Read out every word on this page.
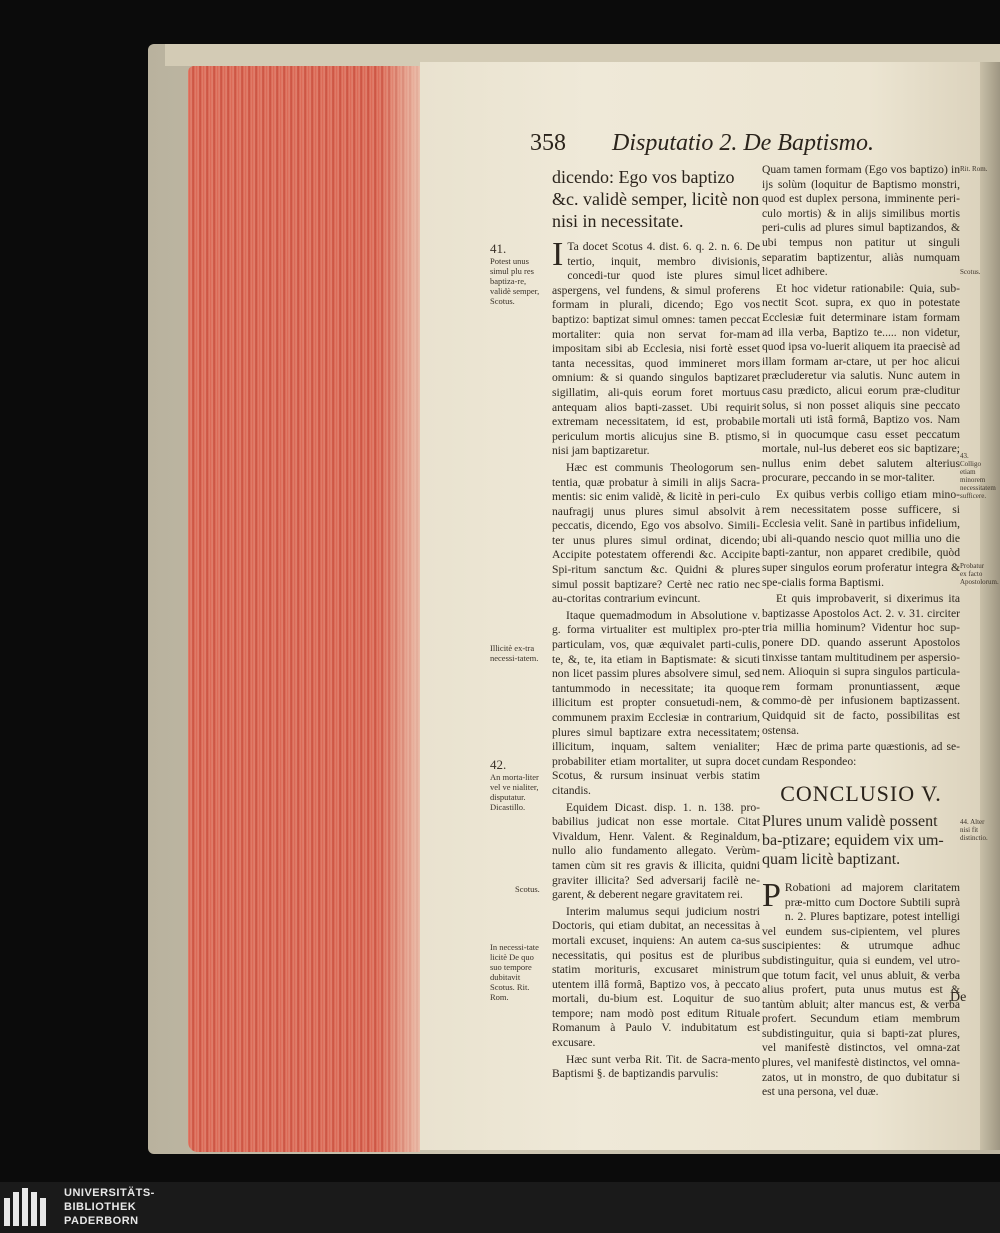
358 Disputatio 2. De Baptismo.
dicendo: Ego vos baptizo &c. validè semper, licitè non nisi in necessitate.

I Ta docet Scotus 4. dist. 6. q. 2. n. 6. De tertio, inquit, membro divisionis, concedi-tur quod iste plures simul aspergens, vel fundens, & simul proferens formam in plurali, dicendo; Ego vos baptizo: baptizat simul omnes: tamen peccat mortaliter: quia non servat for-mam impositam sibi ab Ecclesia, nisi fortè esset tanta necessitas, quod immineret mors omnium: & si quando singulos baptizaret sigillatim, ali-quis eorum foret mortuus antequam alios bapti-zasset. Ubi requirit extremam necessitatem, id est, probabile periculum mortis alicujus sine B. ptismo, nisi jam baptizaretur.

Hæc est communis Theologorum sen-tentia, quæ probatur à simili in alijs Sacra-mentis: sic enim validè, & licitè in peri-culo naufragij unus plures simul absolvit à peccatis, dicendo, Ego vos absolvo. Simili-ter unus plures simul ordinat, dicendo; Accipite potestatem offerendi &c. Accipite Spi-ritum sanctum &c. Quidni & plures simul possit baptizare? Certè nec ratio nec au-ctoritas contrarium evincunt.

Itaque quemadmodum in Absolutione v. g. forma virtualiter est multiplex pro-pter particulam, vos, quæ æquivalet parti-culis, te, &, te, ita etiam in Baptismate: & sicuti non licet passim plures absolvere simul, sed tantummodo in necessitate; ita quoque illicitum est propter consuetudi-nem, & communem praxim Ecclesiæ in contrarium, plures simul baptizare extra necessitatem; illicitum, inquam, saltem venialiter; probabiliter etiam mortaliter, ut supra docet Scotus, & rursum insinuat verbis statim citandis.

Equidem Dicast. disp. 1. n. 138. pro-babilius judicat non esse mortale. Citat Vivaldum, Henr. Valent. & Reginaldum, nullo alio fundamento allegato. Verùm-tamen cùm sit res gravis & illicita, quidni graviter illicita? Sed adversarij facilè ne-garent, & deberent negare gravitatem rei.

Interim malumus sequi judicium nostri Doctoris, qui etiam dubitat, an necessitas à mortali excuset, inquiens: An autem ca-sus necessitatis, qui positus est de pluribus statim morituris, excusaret ministrum utentem illâ formâ, Baptizo vos, à peccato mortali, du-bium est. Loquitur de suo tempore; nam modò post editum Rituale Romanum à Paulo V. indubitatum est excusare.

Hæc sunt verba Rit. Tit. de Sacra-mento Baptismi §. de baptizandis parvulis:

41.
Potest unus simul plu res baptiza-re, validè semper, Scotus.
Illicitè ex-tra necessi-tatem.
42.
An morta-liter vel ve nialiter, disputatur. Dicastillo.
Scotus.
In necessi-tate licitè De quo suo tempore dubitavit Scotus. Rit. Rom.

Quam tamen formam (Ego vos baptizo) in ijs solùm (loquitur de Baptismo monstri, quod est duplex persona, imminente peri-culo mortis) & in alijs similibus mortis peri-culis ad plures simul baptizandos, & ubi tempus non patitur ut singuli separatim baptizentur, aliàs numquam licet adhibere.

Et hoc videtur rationabile: Quia, sub-nectit Scot. supra, ex quo in potestate Ecclesiæ fuit determinare istam formam ad illa verba, Baptizo te..... non videtur, quod ipsa vo-luerit aliquem ita praecisè ad illam formam ar-ctare, ut per hoc alicui præcluderetur via salutis. Nunc autem in casu prædicto, alicui eorum præ-cluditur solus, si non posset aliquis sine peccato mortali uti istâ formâ, Baptizo vos. Nam si in quocumque casu esset peccatum mortale, nul-lus deberet eos sic baptizare; nullus enim debet salutem alterius procurare, peccando in se mor-taliter.

Ex quibus verbis colligo etiam mino-rem necessitatem posse sufficere, si Ecclesia velit. Sanè in partibus infidelium, ubi ali-quando nescio quot millia uno die bapti-zantur, non apparet credibile, quòd super singulos eorum proferatur integra & spe-cialis forma Baptismi.

Et quis improbaverit, si dixerimus ita baptizasse Apostolos Act. 2. v. 31. circiter tria millia hominum? Videntur hoc sup-ponere DD. quando asserunt Apostolos tinxisse tantam multitudinem per aspersio-nem. Alioquin si supra singulos particula-rem formam pronuntiassent, æque commo-dè per infusionem baptizassent. Quidquid sit de facto, possibilitas est ostensa.

Hæc de prima parte quæstionis, ad se-cundam Respondeo:

CONCLUSIO V.
Plures unum validè possent ba-ptizare; equidem vix um-quam licitè baptizant.

P Robationi ad majorem claritatem præ-mitto cum Doctore Subtili suprà n. 2. Plures baptizare, potest intelligi vel eundem sus-cipientem, vel plures suscipientes: & utrumque adhuc subdistinguitur, quia si eundem, vel utro-que totum facit, vel unus abluit, & verba alius profert, puta unus mutus est & tantùm abluit; alter mancus est, & verba profert. Secundum etiam membrum subdistinguitur, quia si bapti-zat plures, vel manifestè distinctos, vel omna-zat plures, vel manifestè distinctos, vel omna-zatos, ut in monstro, de quo dubitatur si est una persona, vel duæ.

Rit. Rom.
Scotus.
43. Colligo etiam minorem necessitatem sufficere.
Probatur ex facto Apostolorum.
44. Alter nisi fit distinctio.
De
UNIVERSITÄTS-
BIBLIOTHEK
PADERBORN
